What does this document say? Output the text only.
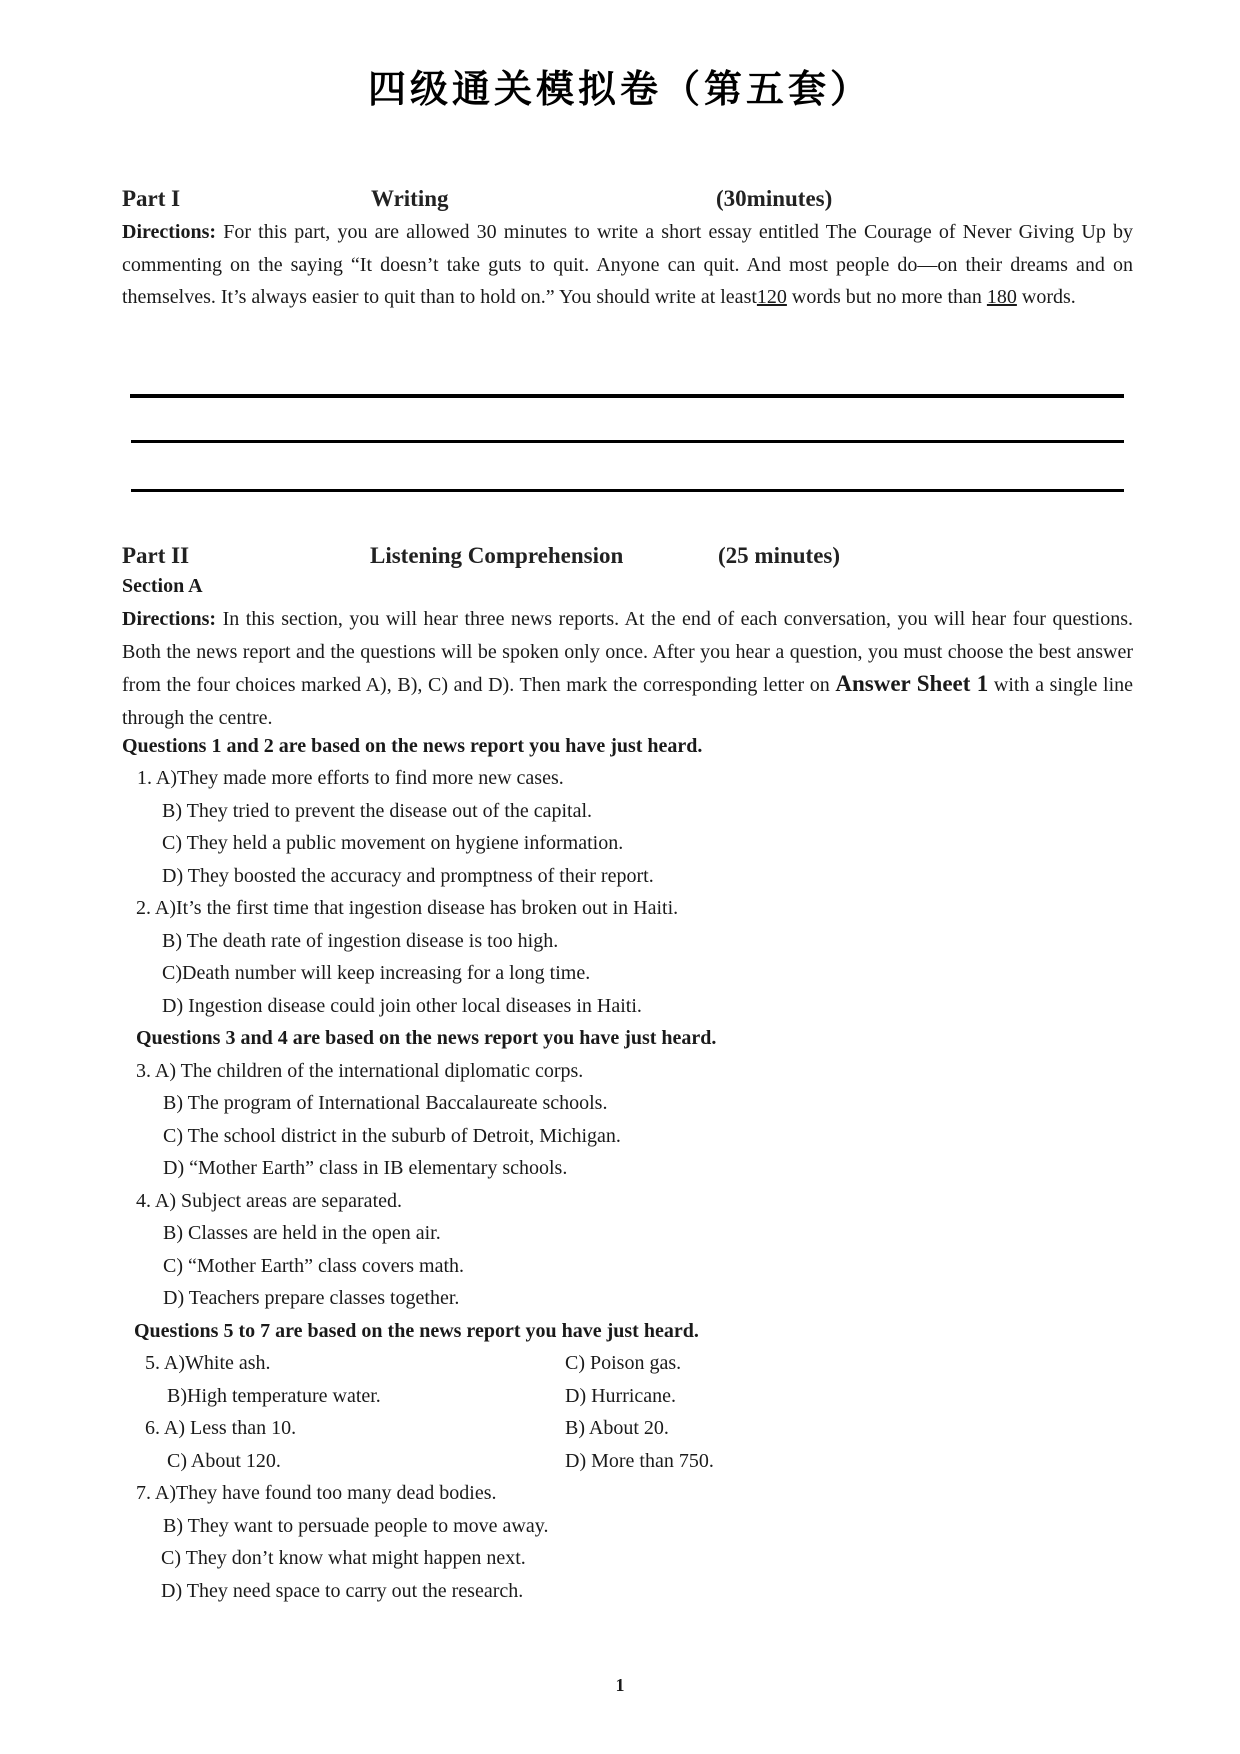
四级通关模拟卷（第五套）
Part I	Writing	(30minutes)
Directions: For this part, you are allowed 30 minutes to write a short essay entitled The Courage of Never Giving Up by commenting on the saying “It doesn’t take guts to quit. Anyone can quit. And most people do—on their dreams and on themselves. It’s always easier to quit than to hold on.” You should write at least120 words but no more than 180 words.
Part II	Listening Comprehension	(25 minutes)
Section A
Directions: In this section, you will hear three news reports. At the end of each conversation, you will hear four questions. Both the news report and the questions will be spoken only once. After you hear a question, you must choose the best answer from the four choices marked A), B), C) and D). Then mark the corresponding letter on Answer Sheet 1 with a single line through the centre.
Questions 1 and 2 are based on the news report you have just heard.
1. A)They made more efforts to find more new cases.
B) They tried to prevent the disease out of the capital.
C) They held a public movement on hygiene information.
D) They boosted the accuracy and promptness of their report.
2. A)It’s the first time that ingestion disease has broken out in Haiti.
B) The death rate of ingestion disease is too high.
C)Death number will keep increasing for a long time.
D) Ingestion disease could join other local diseases in Haiti.
Questions 3 and 4 are based on the news report you have just heard.
3. A) The children of the international diplomatic corps.
B) The program of International Baccalaureate schools.
C) The school district in the suburb of Detroit, Michigan.
D) “Mother Earth” class in IB elementary schools.
4. A) Subject areas are separated.
B) Classes are held in the open air.
C) “Mother Earth” class covers math.
D) Teachers prepare classes together.
Questions 5 to 7 are based on the news report you have just heard.
5. A)White ash.	C) Poison gas.
B)High temperature water.	D) Hurricane.
6. A) Less than 10.	B) About 20.
C) About 120.	D) More than 750.
7. A)They have found too many dead bodies.
B) They want to persuade people to move away.
C) They don’t know what might happen next.
D) They need space to carry out the research.
1
